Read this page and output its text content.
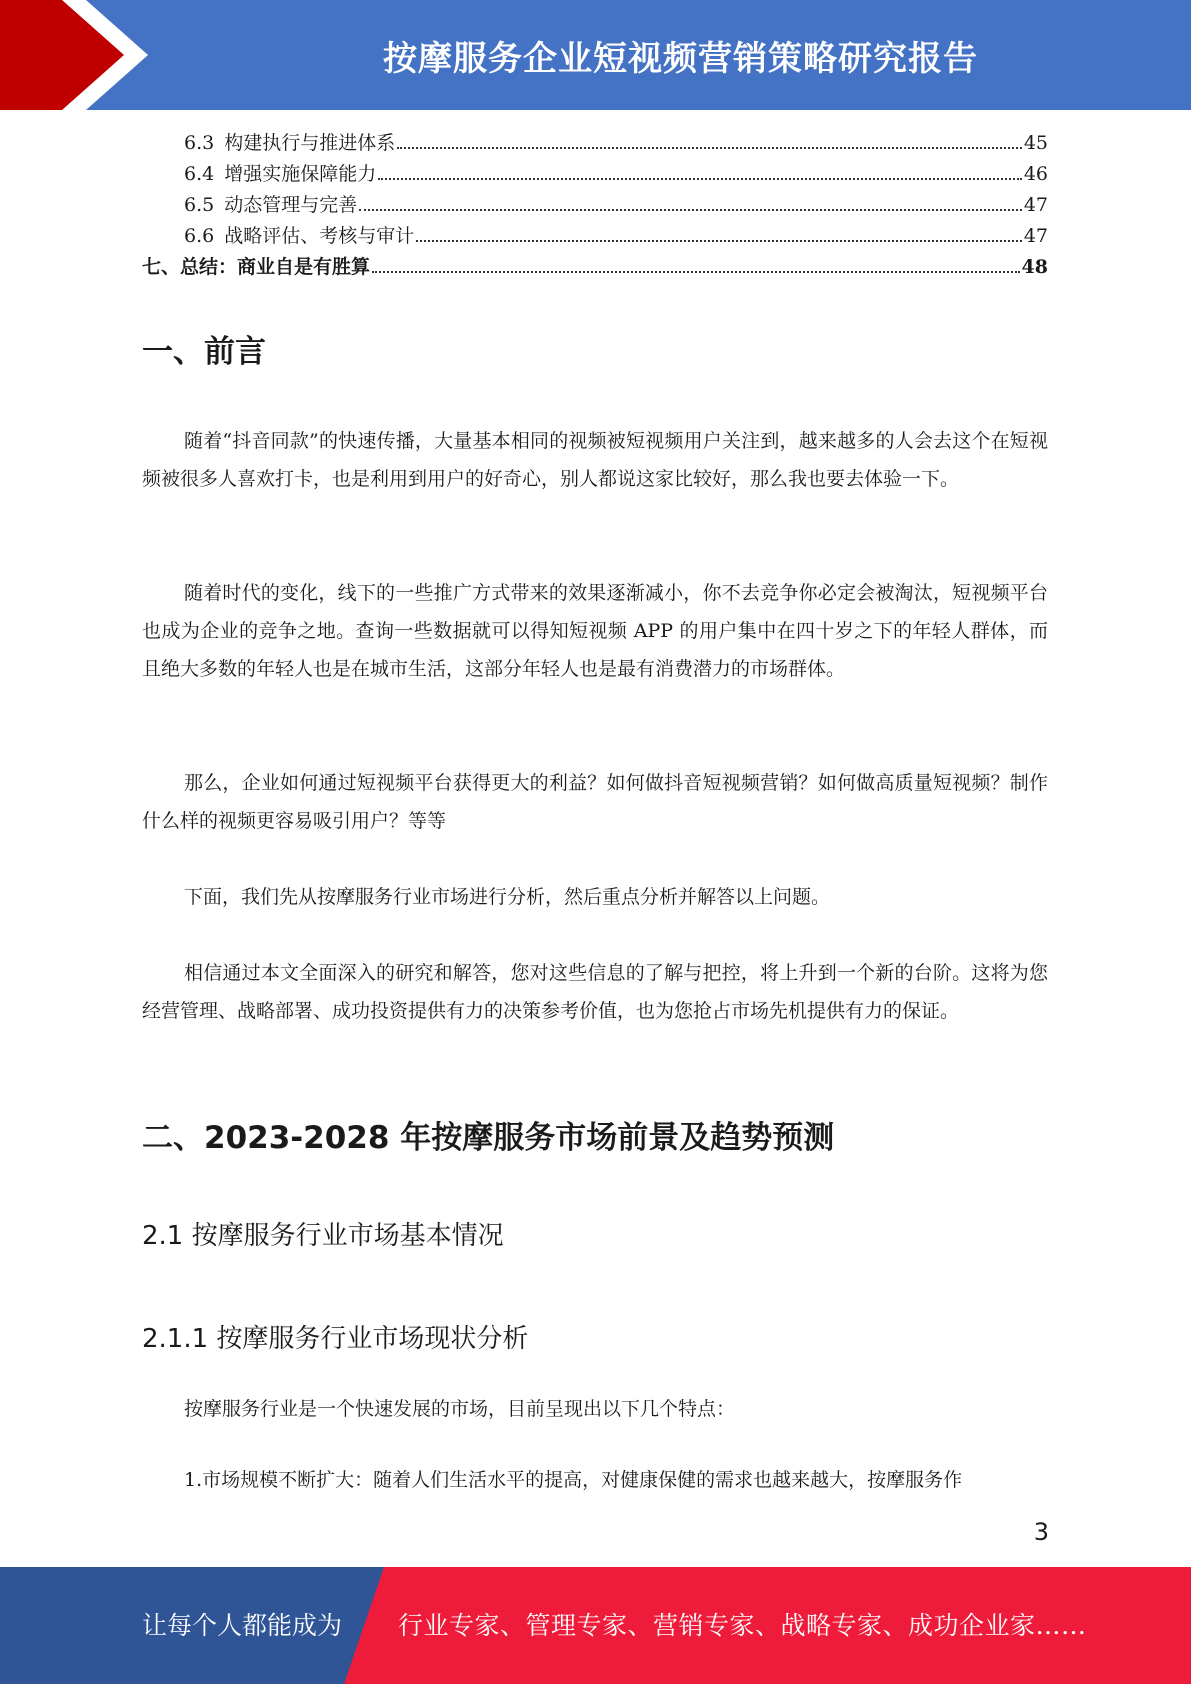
按摩服务企业短视频营销策略研究报告
6.3 构建执行与推进体系	45
6.4 增强实施保障能力	46
6.5 动态管理与完善	47
6.6 战略评估、考核与审计	47
七、总结：商业自是有胜算	48
一、前言

随着“抖音同款”的快速传播，大量基本相同的视频被短视频用户关注到，越来越多的人会去这个在短视频被很多人喜欢打卡，也是利用到用户的好奇心，别人都说这家比较好，那么我也要去体验一下。

随着时代的变化，线下的一些推广方式带来的效果逐渐减小，你不去竞争你必定会被淘汰，短视频平台也成为企业的竞争之地。查询一些数据就可以得知短视频 APP 的用户集中在四十岁之下的年轻人群体，而且绝大多数的年轻人也是在城市生活，这部分年轻人也是最有消费潜力的市场群体。

那么，企业如何通过短视频平台获得更大的利益？如何做抖音短视频营销？如何做高质量短视频？制作什么样的视频更容易吸引用户？等等

下面，我们先从按摩服务行业市场进行分析，然后重点分析并解答以上问题。

相信通过本文全面深入的研究和解答，您对这些信息的了解与把控，将上升到一个新的台阶。这将为您经营管理、战略部署、成功投资提供有力的决策参考价值，也为您抢占市场先机提供有力的保证。

二、2023-2028 年按摩服务市场前景及趋势预测
2.1 按摩服务行业市场基本情况
2.1.1 按摩服务行业市场现状分析

按摩服务行业是一个快速发展的市场，目前呈现出以下几个特点：

1.市场规模不断扩大：随着人们生活水平的提高，对健康保健的需求也越来越大，按摩服务作

3
让每个人都能成为 行业专家、管理专家、营销专家、战略专家、成功企业家……
